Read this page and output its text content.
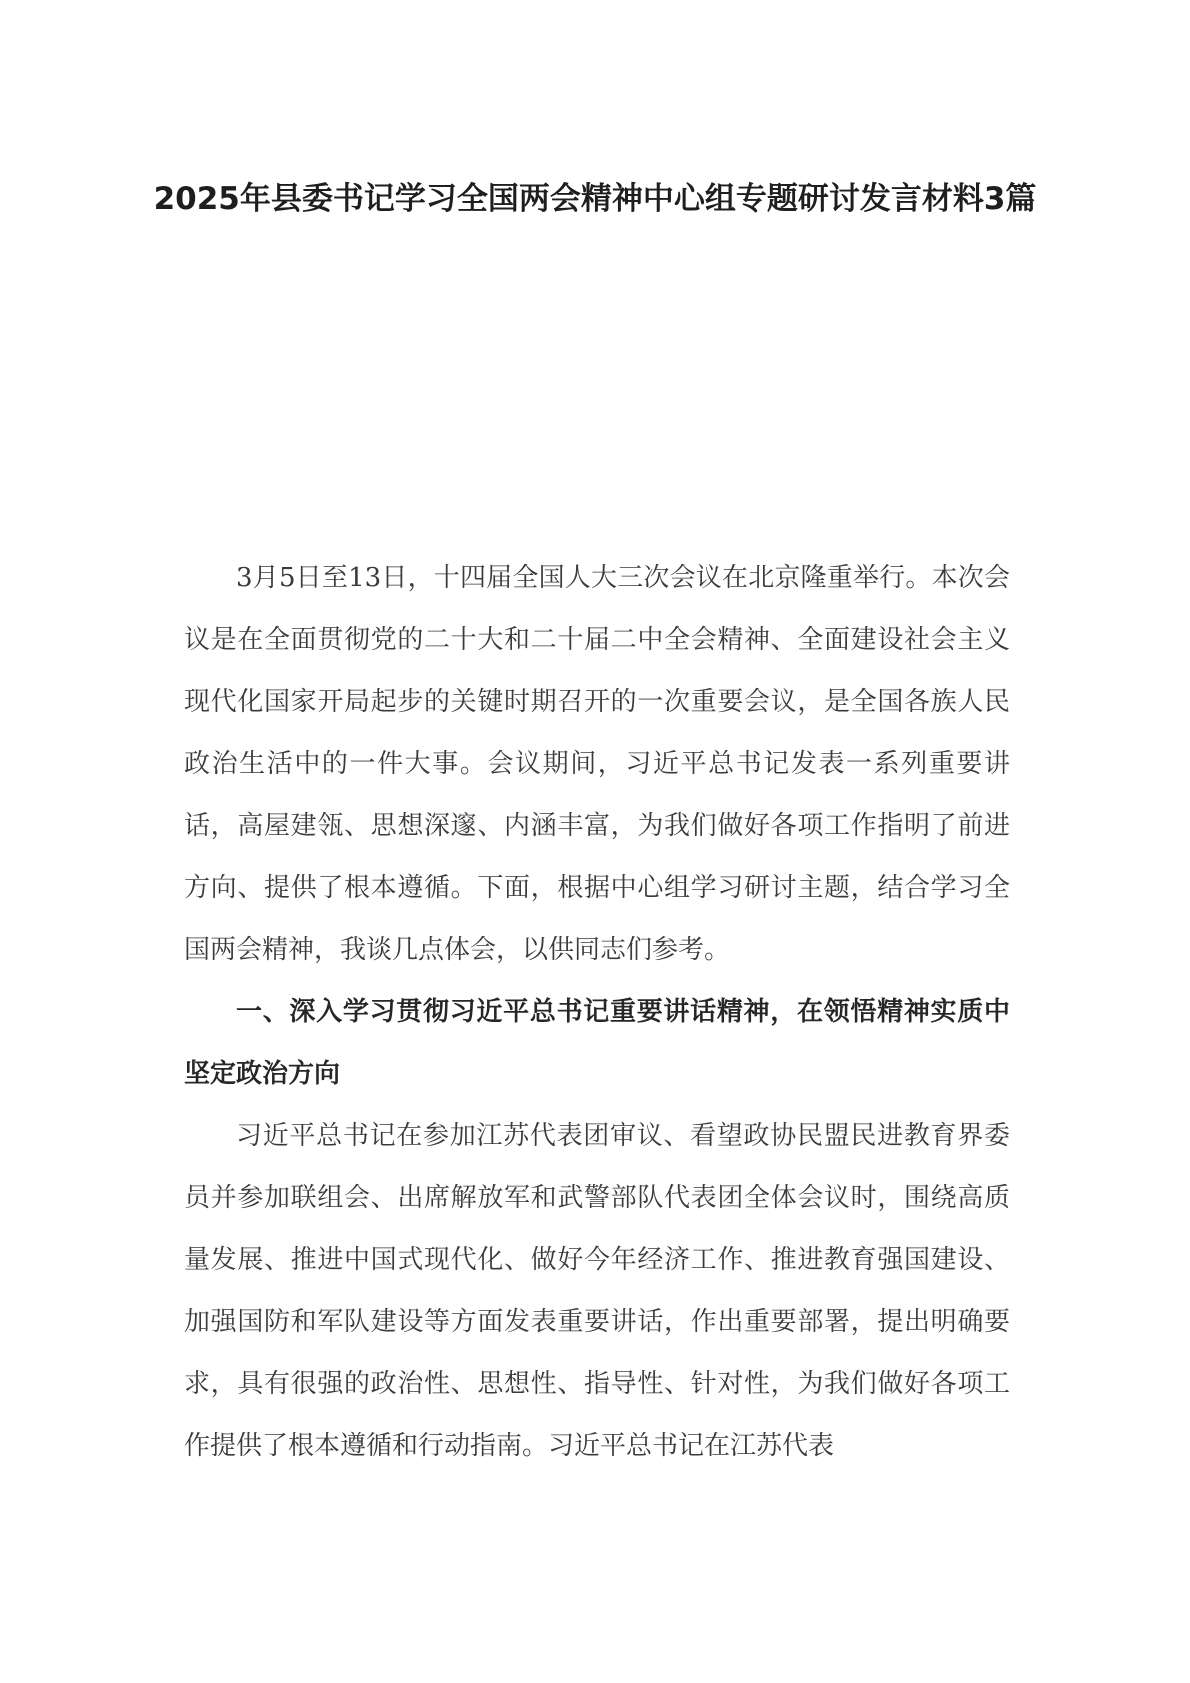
2025年县委书记学习全国两会精神中心组专题研讨发言材料3篇

3月5日至13日，十四届全国人大三次会议在北京隆重举行。本次会议是在全面贯彻党的二十大和二十届二中全会精神、全面建设社会主义现代化国家开局起步的关键时期召开的一次重要会议，是全国各族人民政治生活中的一件大事。会议期间，习近平总书记发表一系列重要讲话，高屋建瓴、思想深邃、内涵丰富，为我们做好各项工作指明了前进方向、提供了根本遵循。下面，根据中心组学习研讨主题，结合学习全国两会精神，我谈几点体会，以供同志们参考。

一、深入学习贯彻习近平总书记重要讲话精神，在领悟精神实质中坚定政治方向

习近平总书记在参加江苏代表团审议、看望政协民盟民进教育界委员并参加联组会、出席解放军和武警部队代表团全体会议时，围绕高质量发展、推进中国式现代化、做好今年经济工作、推进教育强国建设、加强国防和军队建设等方面发表重要讲话，作出重要部署，提出明确要求，具有很强的政治性、思想性、指导性、针对性，为我们做好各项工作提供了根本遵循和行动指南。习近平总书记在江苏代表
